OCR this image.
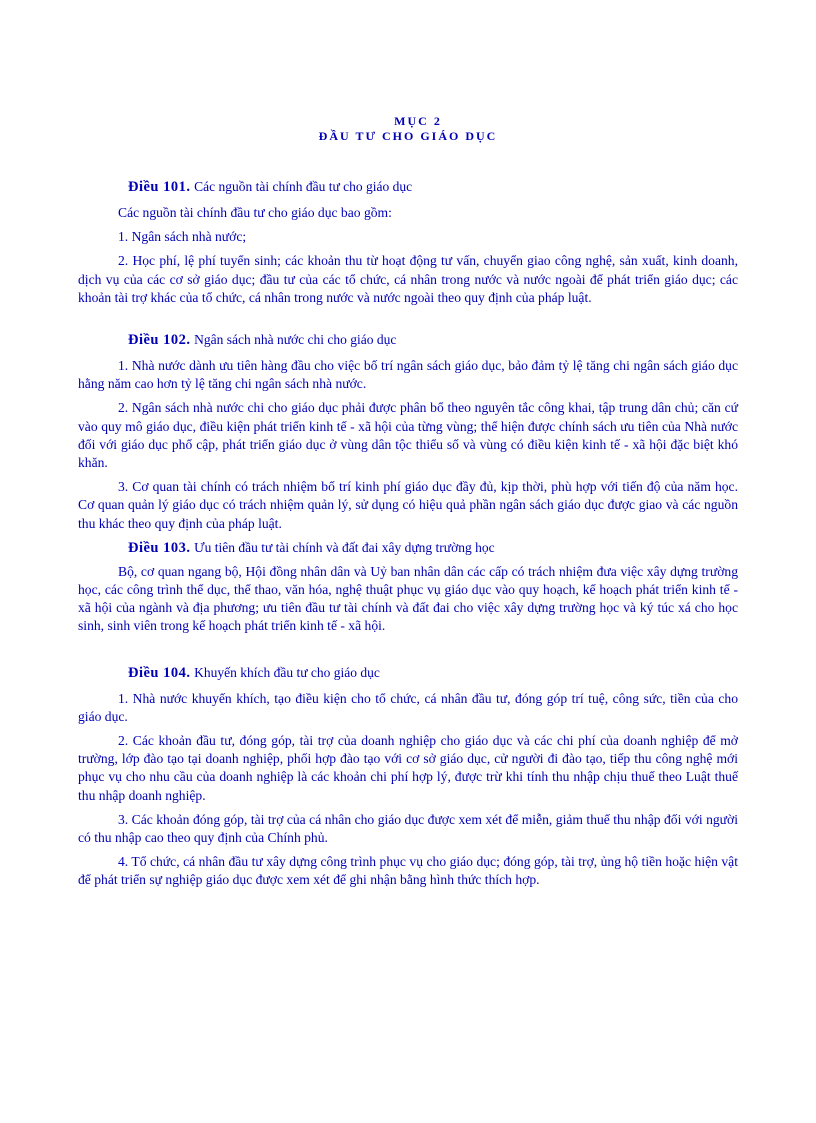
MỤC 2
ĐẦU TƯ CHO GIÁO DỤC
Điều 101. Các nguồn tài chính đầu tư cho giáo dục

Các nguồn tài chính đầu tư cho giáo dục bao gồm:

1. Ngân sách nhà nước;

2. Học phí, lệ phí tuyển sinh; các khoản thu từ hoạt động tư vấn, chuyển giao công nghệ, sản xuất, kinh doanh, dịch vụ của các cơ sở giáo dục; đầu tư của các tổ chức, cá nhân trong nước và nước ngoài để phát triển giáo dục; các khoản tài trợ khác của tổ chức, cá nhân trong nước và nước ngoài theo quy định của pháp luật.

Điều 102. Ngân sách nhà nước chi cho giáo dục

1. Nhà nước dành ưu tiên hàng đầu cho việc bố trí ngân sách giáo dục, bảo đảm tỷ lệ tăng chi ngân sách giáo dục hằng năm cao hơn tỷ lệ tăng chi ngân sách nhà nước.

2. Ngân sách nhà nước chi cho giáo dục phải được phân bổ theo nguyên tắc công khai, tập trung dân chủ; căn cứ vào quy mô giáo dục, điều kiện phát triển kinh tế - xã hội của từng vùng; thể hiện được chính sách ưu tiên của Nhà nước đối với giáo dục phổ cập, phát triển giáo dục ở vùng dân tộc thiểu số và vùng có điều kiện kinh tế - xã hội đặc biệt khó khăn.

3. Cơ quan tài chính có trách nhiệm bố trí kinh phí giáo dục đầy đủ, kịp thời, phù hợp với tiến độ của năm học. Cơ quan quản lý giáo dục có trách nhiệm quản lý, sử dụng có hiệu quả phần ngân sách giáo dục được giao và các nguồn thu khác theo quy định của pháp luật.

Điều 103. Ưu tiên đầu tư tài chính và đất đai xây dựng trường học

Bộ, cơ quan ngang bộ, Hội đồng nhân dân và Uỷ ban nhân dân các cấp có trách nhiệm đưa việc xây dựng trường học, các công trình thể dục, thể thao, văn hóa, nghệ thuật phục vụ giáo dục vào quy hoạch, kế hoạch phát triển kinh tế - xã hội của ngành và địa phương; ưu tiên đầu tư tài chính và đất đai cho việc xây dựng trường học và ký túc xá cho học sinh, sinh viên trong kế hoạch phát triển kinh tế - xã hội.

Điều 104. Khuyến khích đầu tư cho giáo dục

1. Nhà nước khuyến khích, tạo điều kiện cho tổ chức, cá nhân đầu tư, đóng góp trí tuệ, công sức, tiền của cho giáo dục.

2. Các khoản đầu tư, đóng góp, tài trợ của doanh nghiệp cho giáo dục và các chi phí của doanh nghiệp để mở trường, lớp đào tạo tại doanh nghiệp, phối hợp đào tạo với cơ sở giáo dục, cử người đi đào tạo, tiếp thu công nghệ mới phục vụ cho nhu cầu của doanh nghiệp là các khoản chi phí hợp lý, được trừ khi tính thu nhập chịu thuế theo Luật thuế thu nhập doanh nghiệp.

3. Các khoản đóng góp, tài trợ của cá nhân cho giáo dục được xem xét để miễn, giảm thuế thu nhập đối với người có thu nhập cao theo quy định của Chính phủ.

4. Tổ chức, cá nhân đầu tư xây dựng công trình phục vụ cho giáo dục; đóng góp, tài trợ, ủng hộ tiền hoặc hiện vật để phát triển sự nghiệp giáo dục được xem xét để ghi nhận bằng hình thức thích hợp.
